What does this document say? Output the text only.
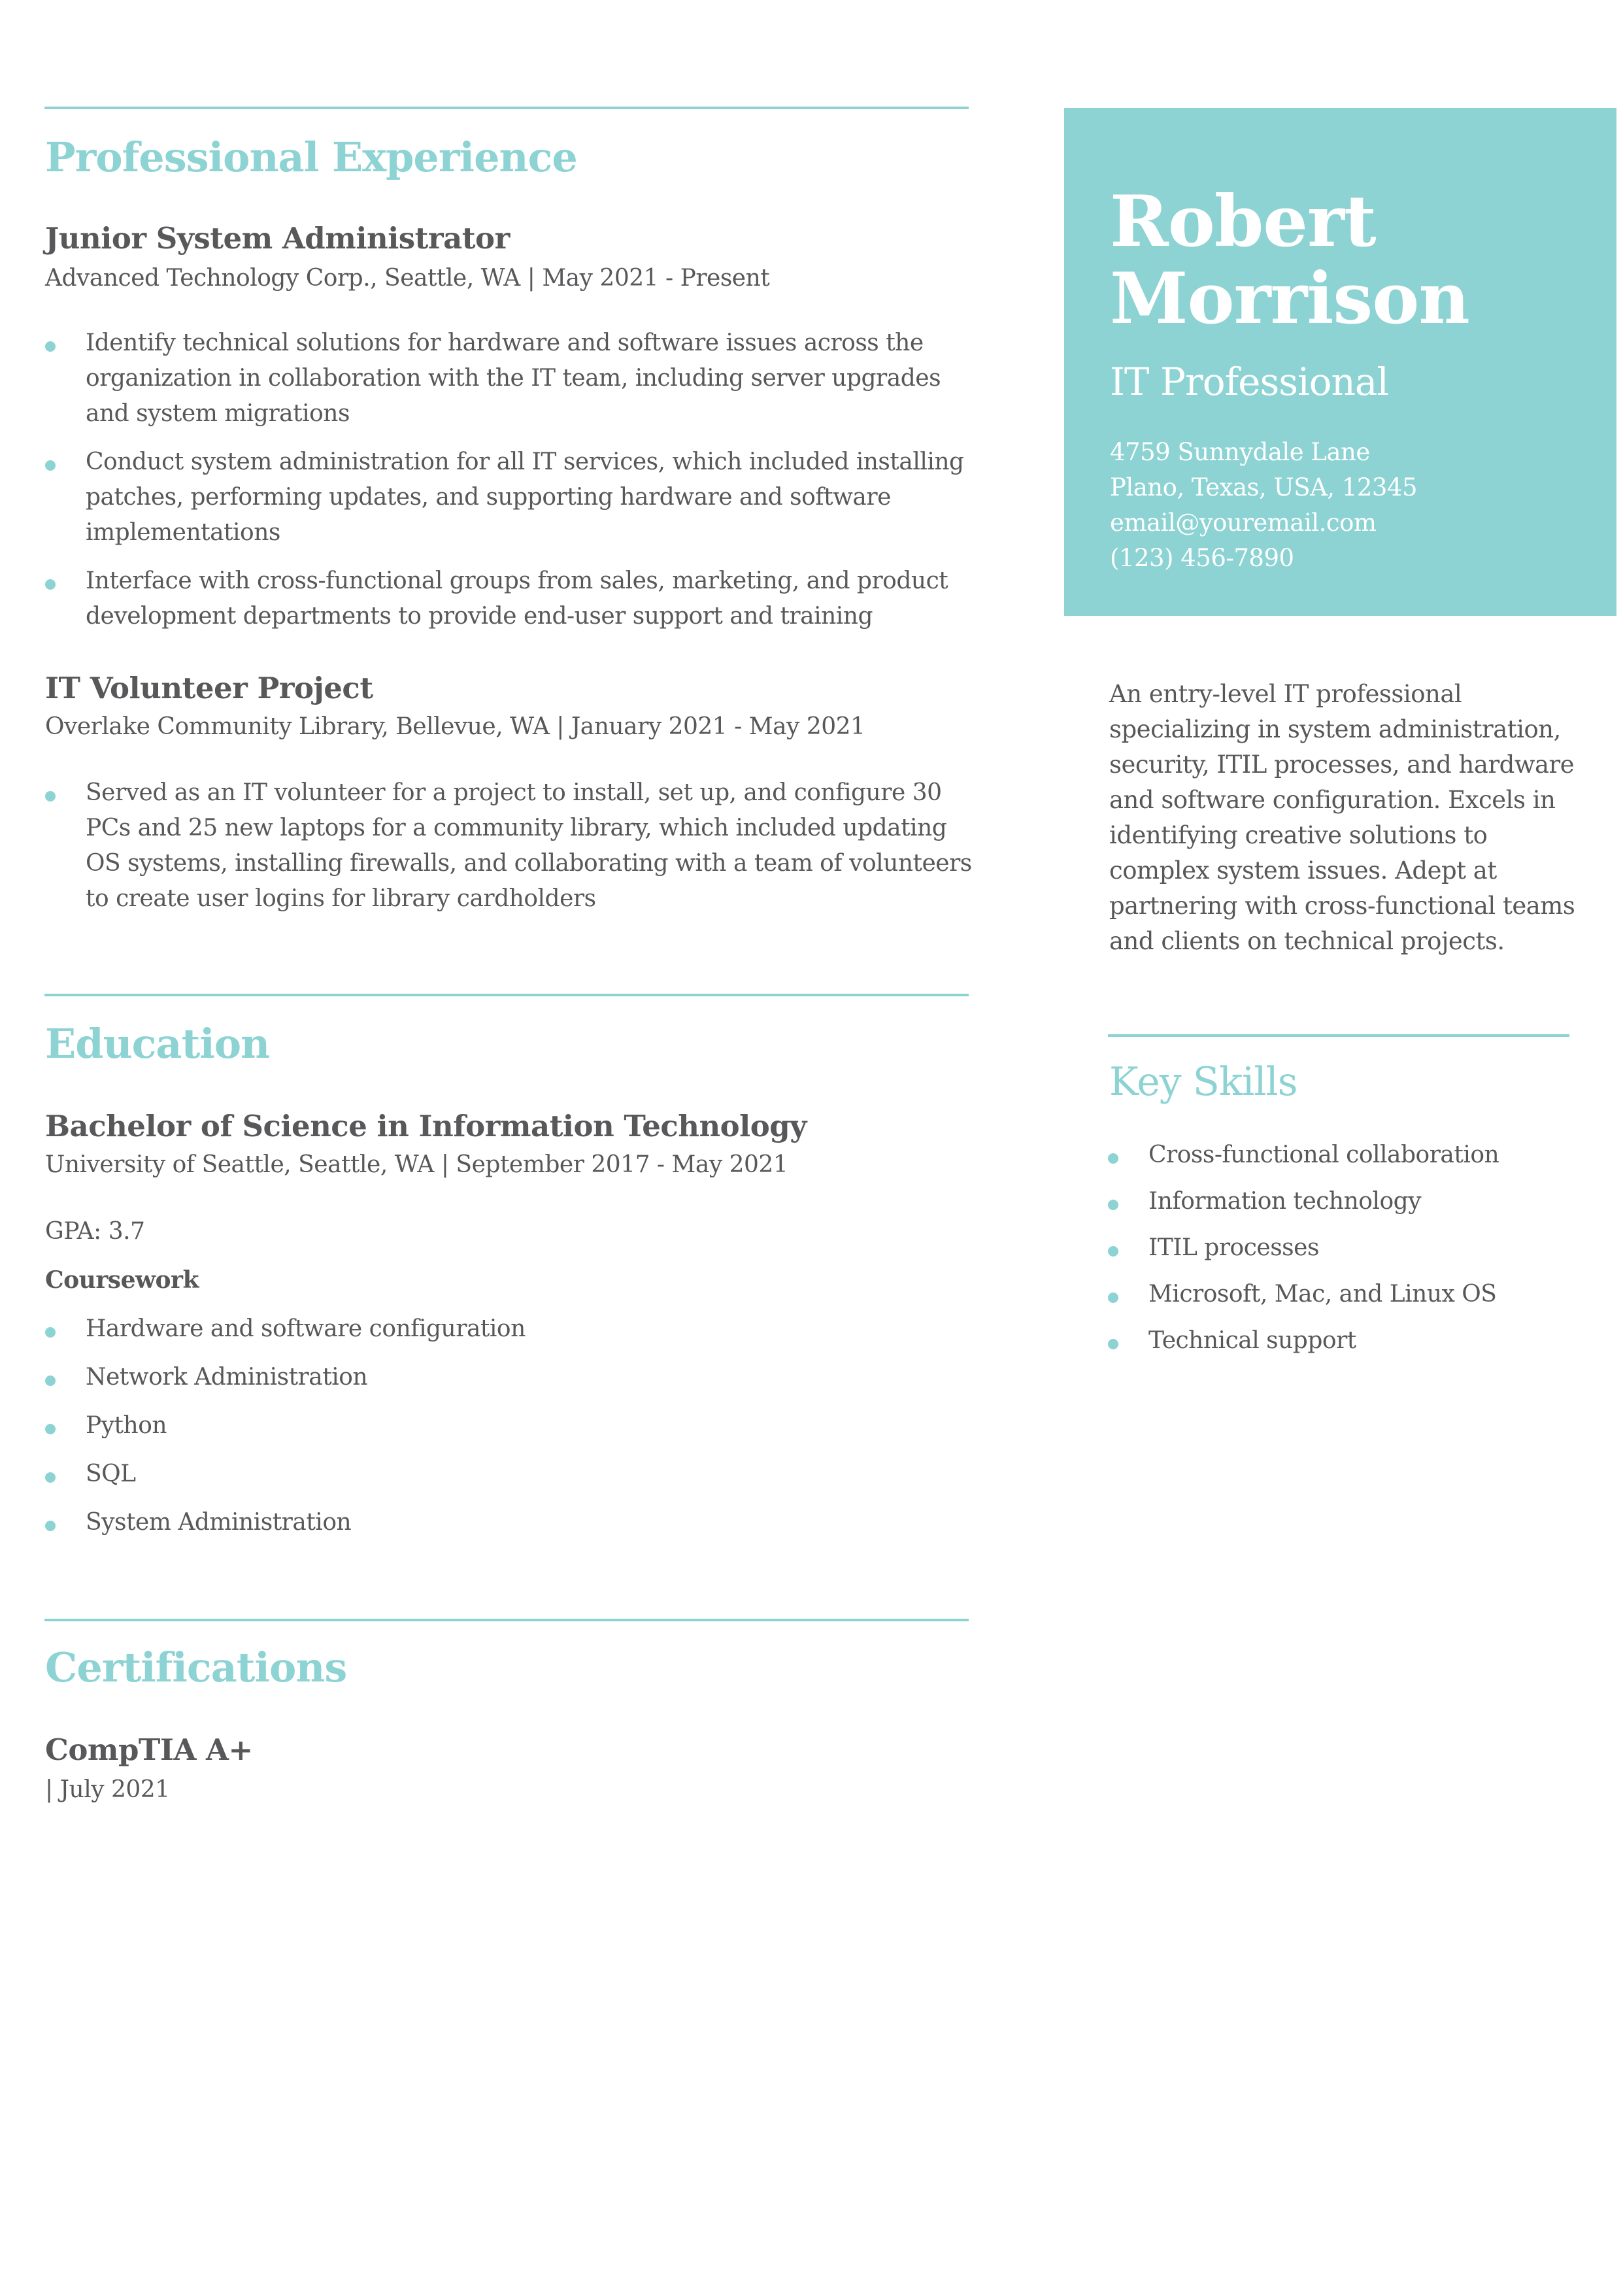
Professional Experience
Junior System Administrator
Advanced Technology Corp., Seattle, WA | May 2021 - Present
Identify technical solutions for hardware and software issues across the organization in collaboration with the IT team, including server upgrades and system migrations
Conduct system administration for all IT services, which included installing patches, performing updates, and supporting hardware and software implementations
Interface with cross-functional groups from sales, marketing, and product development departments to provide end-user support and training
IT Volunteer Project
Overlake Community Library, Bellevue, WA | January 2021 - May 2021
Served as an IT volunteer for a project to install, set up, and configure 30 PCs and 25 new laptops for a community library, which included updating OS systems, installing firewalls, and collaborating with a team of volunteers to create user logins for library cardholders
Education
Bachelor of Science in Information Technology
University of Seattle, Seattle, WA | September 2017 - May 2021
GPA: 3.7
Coursework
Hardware and software configuration
Network Administration
Python
SQL
System Administration
Certifications
CompTIA A+
| July 2021
Robert
Morrison
IT Professional
4759 Sunnydale Lane
Plano, Texas, USA, 12345
email@youremail.com
(123) 456-7890
An entry-level IT professional specializing in system administration, security, ITIL processes, and hardware and software configuration. Excels in identifying creative solutions to complex system issues. Adept at partnering with cross-functional teams and clients on technical projects.
Key Skills
Cross-functional collaboration
Information technology
ITIL processes
Microsoft, Mac, and Linux OS
Technical support
